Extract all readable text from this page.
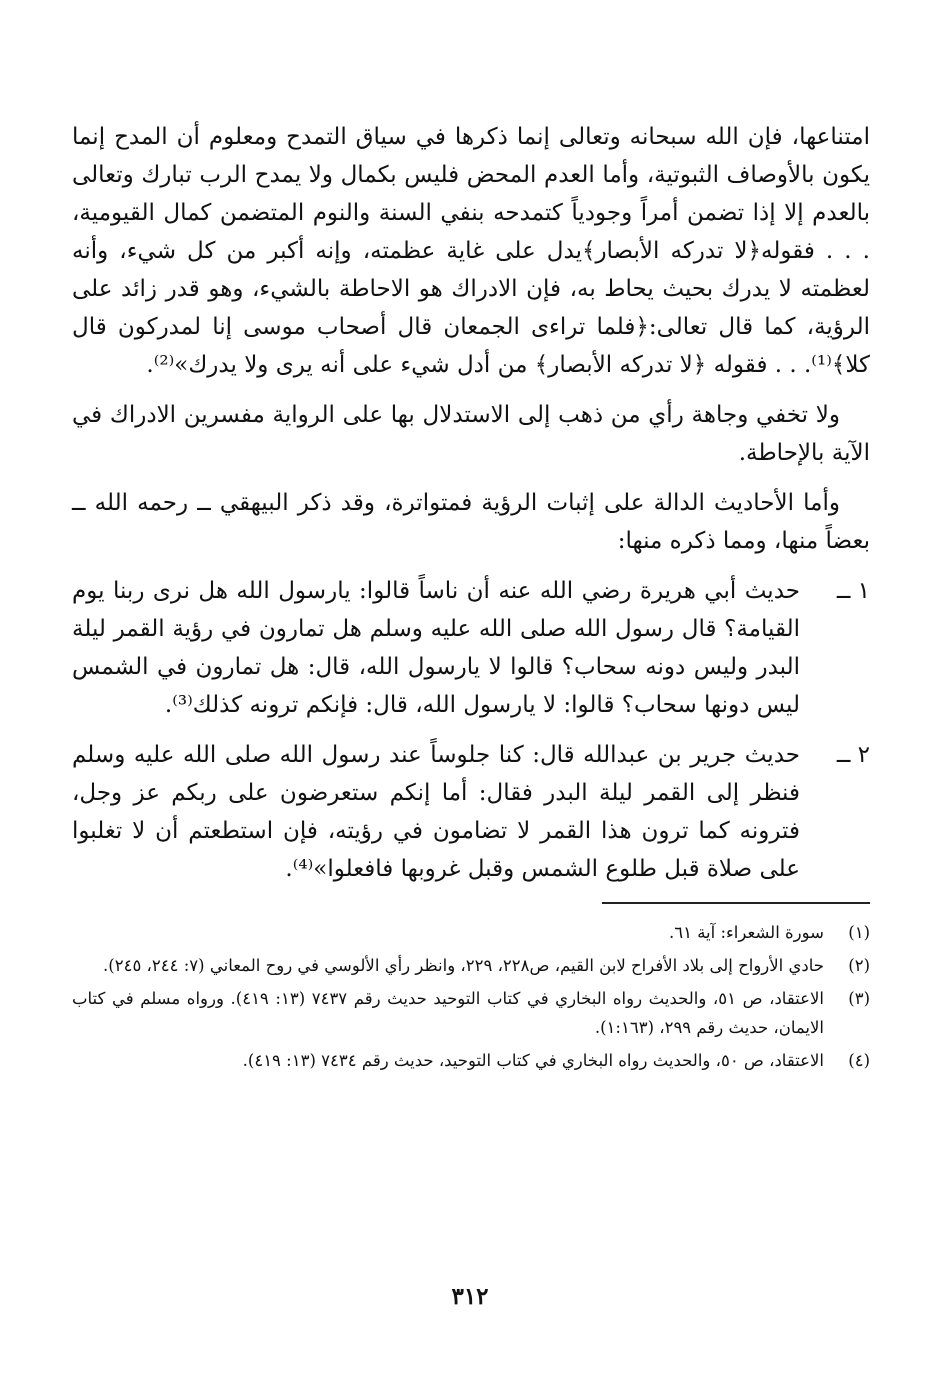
امتناعها، فإن الله سبحانه وتعالى إنما ذكرها في سياق التمدح ومعلوم أن المدح إنما يكون بالأوصاف الثبوتية، وأما العدم المحض فليس بكمال ولا يمدح الرب تبارك وتعالى بالعدم إلا إذا تضمن أمراً وجودياً كتمدحه بنفي السنة والنوم المتضمن كمال القيومية، . . . فقوله﴿لا تدركه الأبصار﴾يدل على غاية عظمته، وإنه أكبر من كل شيء، وأنه لعظمته لا يدرك بحيث يحاط به، فإن الادراك هو الاحاطة بالشيء، وهو قدر زائد على الرؤية، كما قال تعالى:﴿فلما تراءى الجمعان قال أصحاب موسى إنا لمدركون قال كلا﴾⁽¹⁾. . . فقوله ﴿لا تدركه الأبصار﴾ من أدل شيء على أنه يرى ولا يدرك»⁽²⁾.

ولا تخفي وجاهة رأي من ذهب إلى الاستدلال بها على الرواية مفسرين الادراك في الآية بالإحاطة.

وأما الأحاديث الدالة على إثبات الرؤية فمتواترة، وقد ذكر البيهقي ــ رحمه الله ــ بعضاً منها، ومما ذكره منها:

١ ــ
حديث أبي هريرة رضي الله عنه أن ناساً قالوا: يارسول الله هل نرى ربنا يوم القيامة؟ قال رسول الله صلى الله عليه وسلم هل تمارون في رؤية القمر ليلة البدر وليس دونه سحاب؟ قالوا لا يارسول الله، قال: هل تمارون في الشمس ليس دونها سحاب؟ قالوا: لا يارسول الله، قال: فإنكم ترونه كذلك⁽³⁾.
٢ ــ
حديث جرير بن عبدالله قال: كنا جلوساً عند رسول الله صلى الله عليه وسلم فنظر إلى القمر ليلة البدر فقال: أما إنكم ستعرضون على ربكم عز وجل، فترونه كما ترون هذا القمر لا تضامون في رؤيته، فإن استطعتم أن لا تغلبوا على صلاة قبل طلوع الشمس وقبل غروبها فافعلوا»⁽⁴⁾.
(١)
سورة الشعراء: آية ٦١.
(٢)
حادي الأرواح إلى بلاد الأفراح لابن القيم، ص٢٢٨، ٢٢٩، وانظر رأي الألوسي في روح المعاني (٧: ٢٤٤، ٢٤٥).
(٣)
الاعتقاد، ص ٥١، والحديث رواه البخاري في كتاب التوحيد حديث رقم ٧٤٣٧ (١٣: ٤١٩). ورواه مسلم في كتاب الايمان، حديث رقم ٢٩٩، (١:١٦٣).
(٤)
الاعتقاد، ص ٥٠، والحديث رواه البخاري في كتاب التوحيد، حديث رقم ٧٤٣٤ (١٣: ٤١٩).
٣١٢
